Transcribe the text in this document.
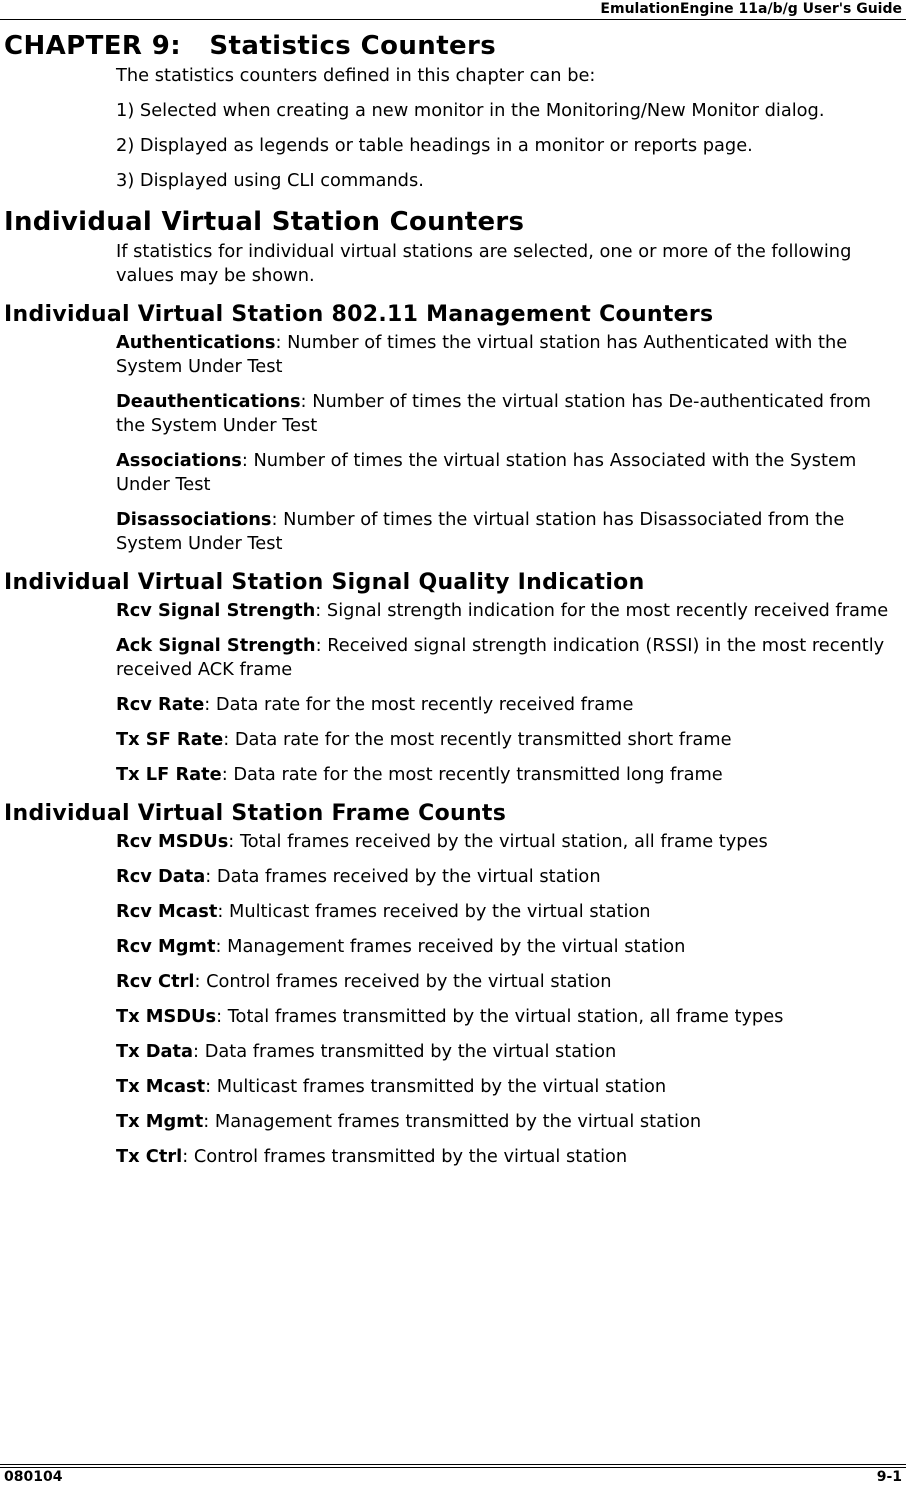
EmulationEngine 11a/b/g User's Guide
CHAPTER 9:   Statistics Counters

The statistics counters defined in this chapter can be:

1) Selected when creating a new monitor in the Monitoring/New Monitor dialog.

2) Displayed as legends or table headings in a monitor or reports page.

3) Displayed using CLI commands.

Individual Virtual Station Counters

If statistics for individual virtual stations are selected, one or more of the following values may be shown.

Individual Virtual Station 802.11 Management Counters

Authentications: Number of times the virtual station has Authenticated with the System Under Test

Deauthentications: Number of times the virtual station has De-authenticated from the System Under Test

Associations: Number of times the virtual station has Associated with the System Under Test

Disassociations: Number of times the virtual station has Disassociated from the System Under Test

Individual Virtual Station Signal Quality Indication

Rcv Signal Strength: Signal strength indication for the most recently received frame

Ack Signal Strength: Received signal strength indication (RSSI) in the most recently received ACK frame

Rcv Rate: Data rate for the most recently received frame

Tx SF Rate: Data rate for the most recently transmitted short frame

Tx LF Rate: Data rate for the most recently transmitted long frame

Individual Virtual Station Frame Counts

Rcv MSDUs: Total frames received by the virtual station, all frame types

Rcv Data: Data frames received by the virtual station

Rcv Mcast: Multicast frames received by the virtual station

Rcv Mgmt: Management frames received by the virtual station

Rcv Ctrl: Control frames received by the virtual station

Tx MSDUs: Total frames transmitted by the virtual station, all frame types

Tx Data: Data frames transmitted by the virtual station

Tx Mcast: Multicast frames transmitted by the virtual station

Tx Mgmt: Management frames transmitted by the virtual station

Tx Ctrl: Control frames transmitted by the virtual station

080104	9-1
